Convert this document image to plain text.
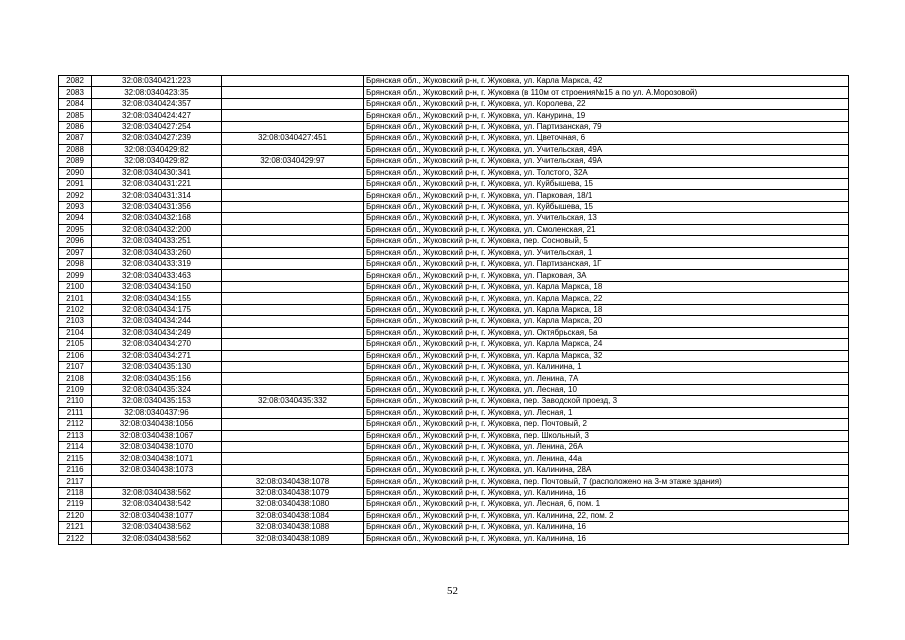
2082	32:08:0340421:223		Брянская обл., Жуковский р-н, г. Жуковка, ул. Карла Маркса, 42
2083	32:08:0340423:35		Брянская обл., Жуковский р-н, г. Жуковка (в 110м от строения№15 а по ул. А.Морозовой)
2084	32:08:0340424:357		Брянская обл., Жуковский р-н, г. Жуковка, ул. Королева, 22
2085	32:08:0340424:427		Брянская обл., Жуковский р-н, г. Жуковка, ул. Канурина, 19
2086	32:08:0340427:254		Брянская обл., Жуковский р-н, г. Жуковка, ул. Партизанская, 79
2087	32:08:0340427:239	32:08:0340427:451	Брянская обл., Жуковский р-н, г. Жуковка, ул. Цветочная, 6
2088	32:08:0340429:82		Брянская обл., Жуковский р-н, г. Жуковка, ул. Учительская, 49А
2089	32:08:0340429:82	32:08:0340429:97	Брянская обл., Жуковский р-н, г. Жуковка, ул. Учительская, 49А
2090	32:08:0340430:341		Брянская обл., Жуковский р-н, г. Жуковка, ул. Толстого, 32А
2091	32:08:0340431:221		Брянская обл., Жуковский р-н, г. Жуковка, ул. Куйбышева, 15
2092	32:08:0340431:314		Брянская обл., Жуковский р-н, г. Жуковка, ул. Парковая, 18/1
2093	32:08:0340431:356		Брянская обл., Жуковский р-н, г. Жуковка, ул. Куйбышева, 15
2094	32:08:0340432:168		Брянская обл., Жуковский р-н, г. Жуковка, ул. Учительская, 13
2095	32:08:0340432:200		Брянская обл., Жуковский р-н, г. Жуковка, ул. Смоленская, 21
2096	32:08:0340433:251		Брянская обл., Жуковский р-н, г. Жуковка, пер. Сосновый, 5
2097	32:08:0340433:260		Брянская обл., Жуковский р-н, г. Жуковка, ул. Учительская, 1
2098	32:08:0340433:319		Брянская обл., Жуковский р-н, г. Жуковка, ул. Партизанская, 1Г
2099	32:08:0340433:463		Брянская обл., Жуковский р-н, г. Жуковка, ул. Парковая, 3А
2100	32:08:0340434:150		Брянская обл., Жуковский р-н, г. Жуковка, ул. Карла Маркса, 18
2101	32:08:0340434:155		Брянская обл., Жуковский р-н, г. Жуковка, ул. Карла Маркса, 22
2102	32:08:0340434:175		Брянская обл., Жуковский р-н, г. Жуковка, ул. Карла Маркса, 18
2103	32:08:0340434:244		Брянская обл., Жуковский р-н, г. Жуковка, ул. Карла Маркса, 20
2104	32:08:0340434:249		Брянская обл., Жуковский р-н, г. Жуковка, ул. Октябрьская, 5а
2105	32:08:0340434:270		Брянская обл., Жуковский р-н, г. Жуковка, ул. Карла Маркса, 24
2106	32:08:0340434:271		Брянская обл., Жуковский р-н, г. Жуковка, ул. Карла Маркса, 32
2107	32:08:0340435:130		Брянская обл., Жуковский р-н, г. Жуковка, ул. Калинина, 1
2108	32:08:0340435:156		Брянская обл., Жуковский р-н, г. Жуковка, ул. Ленина, 7А
2109	32:08:0340435:324		Брянская обл., Жуковский р-н, г. Жуковка, ул. Лесная, 10
2110	32:08:0340435:153	32:08:0340435:332	Брянская обл., Жуковский р-н, г. Жуковка, пер. Заводской проезд, 3
2111	32:08:0340437:96		Брянская обл., Жуковский р-н, г. Жуковка, ул. Лесная, 1
2112	32:08:0340438:1056		Брянская обл., Жуковский р-н, г. Жуковка, пер. Почтовый, 2
2113	32:08:0340438:1067		Брянская обл., Жуковский р-н, г. Жуковка, пер. Школьный, 3
2114	32:08:0340438:1070		Брянская обл., Жуковский р-н, г. Жуковка, ул. Ленина, 26А
2115	32:08:0340438:1071		Брянская обл., Жуковский р-н, г. Жуковка, ул. Ленина, 44а
2116	32:08:0340438:1073		Брянская обл., Жуковский р-н, г. Жуковка, ул. Калинина, 28А
2117		32:08:0340438:1078	Брянская обл., Жуковский р-н, г. Жуковка, пер. Почтовый, 7 (расположено на 3-м этаже здания)
2118	32:08:0340438:562	32:08:0340438:1079	Брянская обл., Жуковский р-н, г. Жуковка, ул. Калинина, 16
2119	32:08:0340438:542	32:08:0340438:1080	Брянская обл., Жуковский р-н, г. Жуковка, ул. Лесная, 6, пом. 1
2120	32:08:0340438:1077	32:08:0340438:1084	Брянская обл., Жуковский р-н, г. Жуковка, ул. Калинина, 22, пом. 2
2121	32:08:0340438:562	32:08:0340438:1088	Брянская обл., Жуковский р-н, г. Жуковка, ул. Калинина, 16
2122	32:08:0340438:562	32:08:0340438:1089	Брянская обл., Жуковский р-н, г. Жуковка, ул. Калинина, 16
52
